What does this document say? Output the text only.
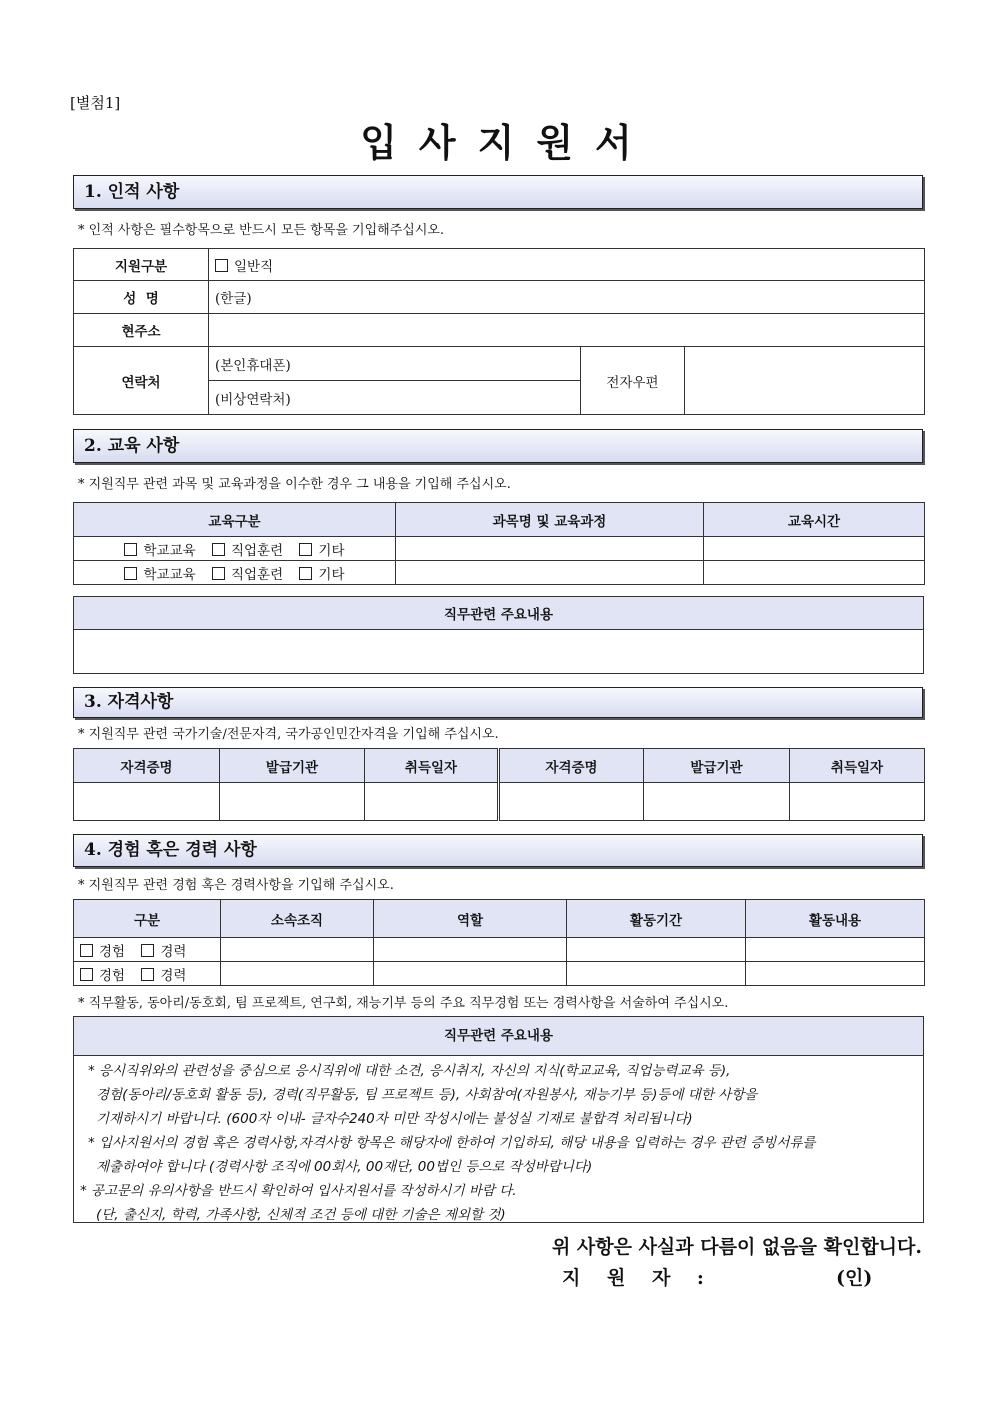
[별첨1]
입사지원서
1. 인적 사항
* 인적 사항은 필수항목으로 반드시 모든 항목을 기입해주십시오.
지원구분	일반직		
성  명	(한글)		
현주소			
연락처	(본인휴대폰)	전자우편	
	(비상연락처)		
2. 교육 사항
* 지원직무 관련 과목 및 교육과정을 이수한 경우 그 내용을 기입해 주십시오.
교육구분	과목명 및 교육과정	교육시간
학교교육 직업훈련 기타		
학교교육 직업훈련 기타		
직무관련 주요내용

3. 자격사항
* 지원직무 관련 국가기술/전문자격, 국가공인민간자격을 기입해 주십시오.
자격증명	발급기관	취득일자	자격증명	발급기관	취득일자

4. 경험 혹은 경력 사항
* 지원직무 관련 경험 혹은 경력사항을 기입해 주십시오.
구분	소속조직	역할	활동기간	활동내용
경험 경력				
경험 경력				
* 직무활동, 동아리/동호회, 팀 프로젝트, 연구회, 재능기부 등의 주요 직무경험 또는 경력사항을 서술하여 주십시오.
직무관련 주요내용
* 응시직위와의 관련성을 중심으로 응시직위에 대한 소견, 응시취지, 자신의 지식(학교교육, 직업능력교육 등),
경험(동아리/동호회 활동 등), 경력(직무활동, 팀 프로젝트 등), 사회참여(자원봉사, 재능기부 등)등에 대한 사항을
기재하시기 바랍니다. (600자 이내- 글자수240자 미만 작성시에는 불성실 기재로 불합격 처리됩니다)
* 입사지원서의 경험 혹은 경력사항,자격사항 항목은 해당자에 한하여 기입하되, 해당 내용을 입력하는 경우 관련 증빙서류를
제출하여야 합니다 (경력사항 조직에 00회사, 00재단, 00법인 등으로 작성바랍니다)
* 공고문의 유의사항을 반드시 확인하여 입사지원서를 작성하시기 바람 다.
(단, 출신지, 학력, 가족사항, 신체적 조건 등에 대한 기술은 제외할 것)
위 사항은 사실과 다름이 없음을 확인합니다.
지 원 자 :	(인)
